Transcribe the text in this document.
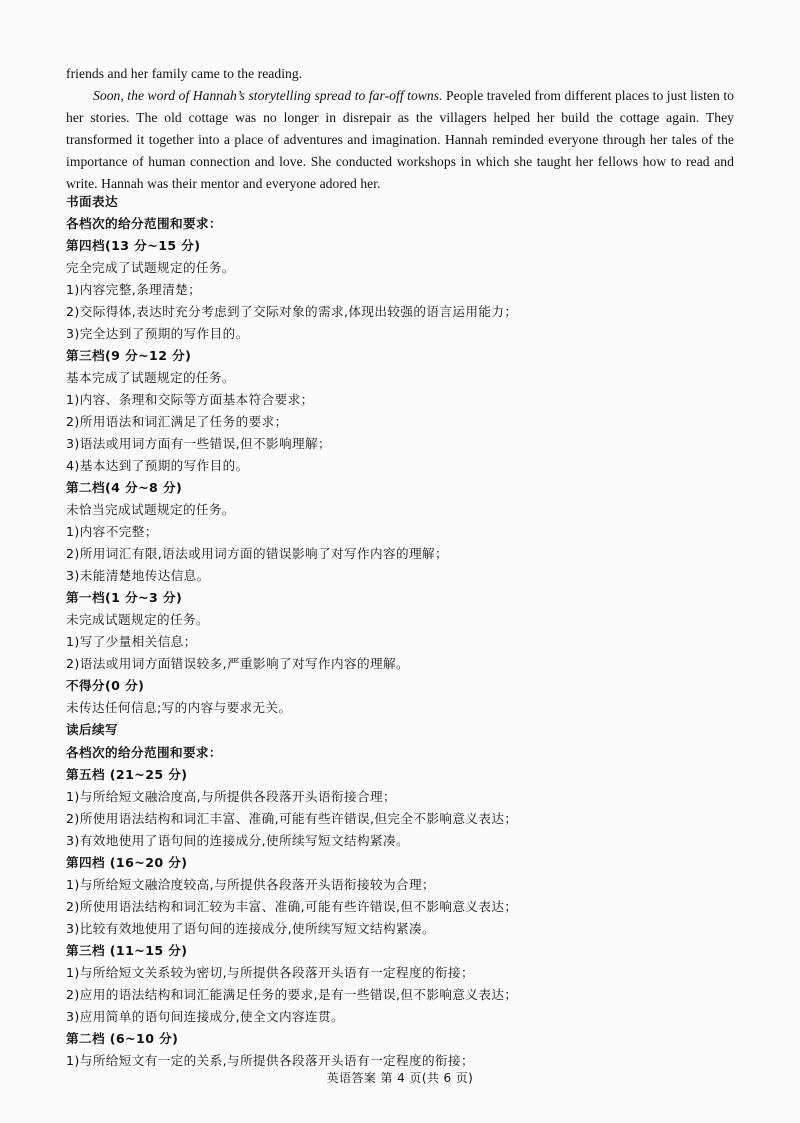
friends and her family came to the reading.
Soon, the word of Hannah’s storytelling spread to far-off towns. People traveled from different places to just listen to her stories. The old cottage was no longer in disrepair as the villagers helped her build the cottage again. They transformed it together into a place of adventures and imagination. Hannah reminded everyone through her tales of the importance of human connection and love. She conducted workshops in which she taught her fellows how to read and write. Hannah was their mentor and everyone adored her.
书面表达
各档次的给分范围和要求：
第四档(13 分~15 分)
完全完成了试题规定的任务。
1)内容完整,条理清楚；
2)交际得体,表达时充分考虑到了交际对象的需求,体现出较强的语言运用能力；
3)完全达到了预期的写作目的。
第三档(9 分~12 分)
基本完成了试题规定的任务。
1)内容、条理和交际等方面基本符合要求；
2)所用语法和词汇满足了任务的要求；
3)语法或用词方面有一些错误,但不影响理解；
4)基本达到了预期的写作目的。
第二档(4 分~8 分)
未恰当完成试题规定的任务。
1)内容不完整；
2)所用词汇有限,语法或用词方面的错误影响了对写作内容的理解；
3)未能清楚地传达信息。
第一档(1 分~3 分)
未完成试题规定的任务。
1)写了少量相关信息；
2)语法或用词方面错误较多,严重影响了对写作内容的理解。
不得分(0 分)
未传达任何信息;写的内容与要求无关。
读后续写
各档次的给分范围和要求：
第五档 (21~25 分)
1)与所给短文融洽度高,与所提供各段落开头语衔接合理；
2)所使用语法结构和词汇丰富、准确,可能有些许错误,但完全不影响意义表达；
3)有效地使用了语句间的连接成分,使所续写短文结构紧凑。
第四档 (16~20 分)
1)与所给短文融洽度较高,与所提供各段落开头语衔接较为合理；
2)所使用语法结构和词汇较为丰富、准确,可能有些许错误,但不影响意义表达；
3)比较有效地使用了语句间的连接成分,使所续写短文结构紧凑。
第三档 (11~15 分)
1)与所给短文关系较为密切,与所提供各段落开头语有一定程度的衔接；
2)应用的语法结构和词汇能满足任务的要求,是有一些错误,但不影响意义表达；
3)应用简单的语句间连接成分,使全文内容连贯。
第二档 (6~10 分)
1)与所给短文有一定的关系,与所提供各段落开头语有一定程度的衔接；
英语答案 第 4 页(共 6 页)
